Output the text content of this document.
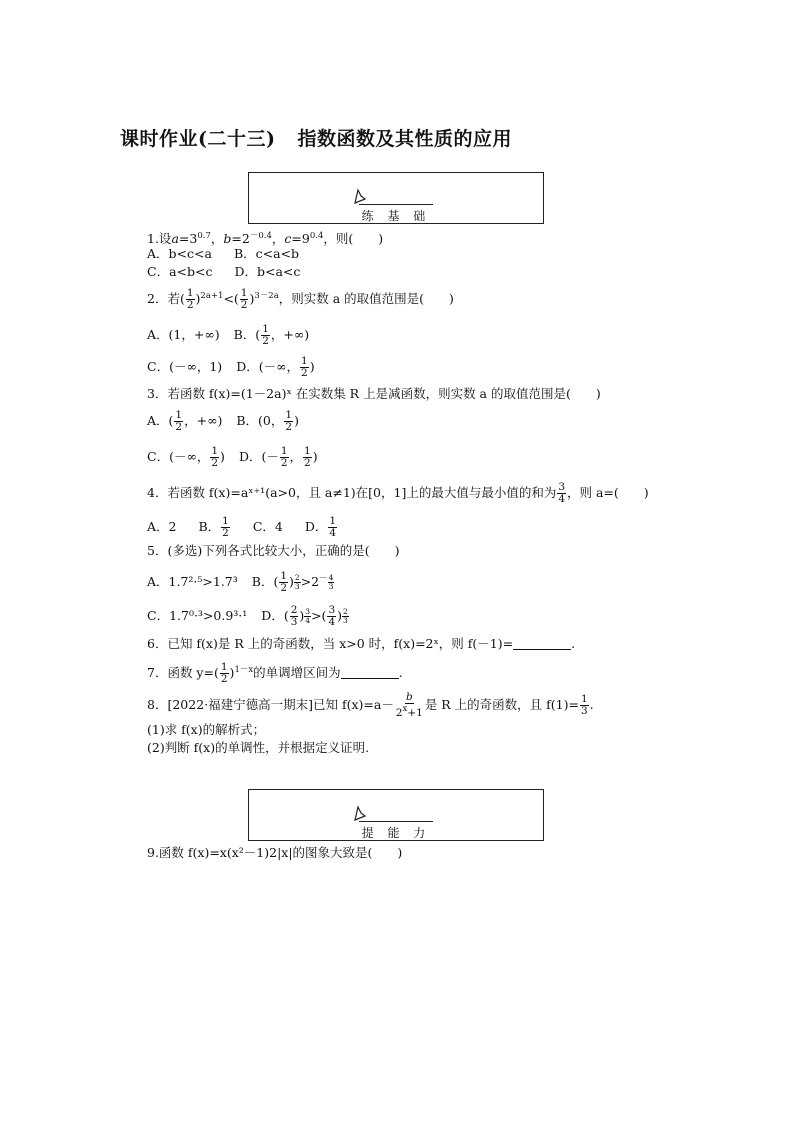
课时作业(二十三) 指数函数及其性质的应用
练 基 础
1.设$a=3^{0.7}$，$b=2^{-0.4}$，$c=9^{0.4}$，则(　　)
A．b<c<a B．c<a<b
C．a<b<c D．b<a<c
2．若( $\frac{1}{2} )^{2a+1}<( \frac{1}{2} )^{3-2a}$，则实数 a 的取值范围是(　　)
A．(1，+∞) B．( $\frac{1}{2}$ ，+∞)
C．(－∞，1) D．(－∞， $\frac{1}{2}$ )
3．若函数 f(x)=(1－2a)ˣ 在实数集 R 上是减函数，则实数 a 的取值范围是(　　)
A．( $\frac{1}{2}$ ，+∞) B．(0， $\frac{1}{2}$ )
C．(－∞， $\frac{1}{2}$ ) D．(－ $\frac{1}{2}$ ， $\frac{1}{2}$ )
4．若函数 f(x)=aˣ⁺¹(a>0，且 a≠1)在[0，1]上的最大值与最小值的和为 $\frac{3}{4}$ ，则 a=(　　)
A．2 B． $\frac{1}{2}$ C．4 D． $\frac{1}{4}$
5．(多选)下列各式比较大小，正确的是(　　)
A．1.7²·⁵>1.7³ B．( $\frac{1}{2}$ ) $\frac{2}{3} >2^- \frac{4}{3}$
C．1.7⁰·³>0.9³·¹ D．( $\frac{2}{3}$ ) $\frac{3}{4}$ >( $\frac{3}{4}$ ) $\frac{2}{3}$
6．已知 f(x)是 R 上的奇函数，当 x>0 时，f(x)=2ˣ，则 f(－1)=	.
7．函数 $y=( \frac{1}{2} )^{1-x}$的单调增区间为	.
8．[2022·福建宁德高一期末]已知 $f(x)=a- \frac{b}{2^x+1}$ 是 R 上的奇函数，且 $f(1)= \frac{1}{3}$ .
(1)求 f(x)的解析式；
(2)判断 f(x)的单调性，并根据定义证明.
提 能 力
9.函数 f(x)=x(x²－1)2|x|的图象大致是(　　)
